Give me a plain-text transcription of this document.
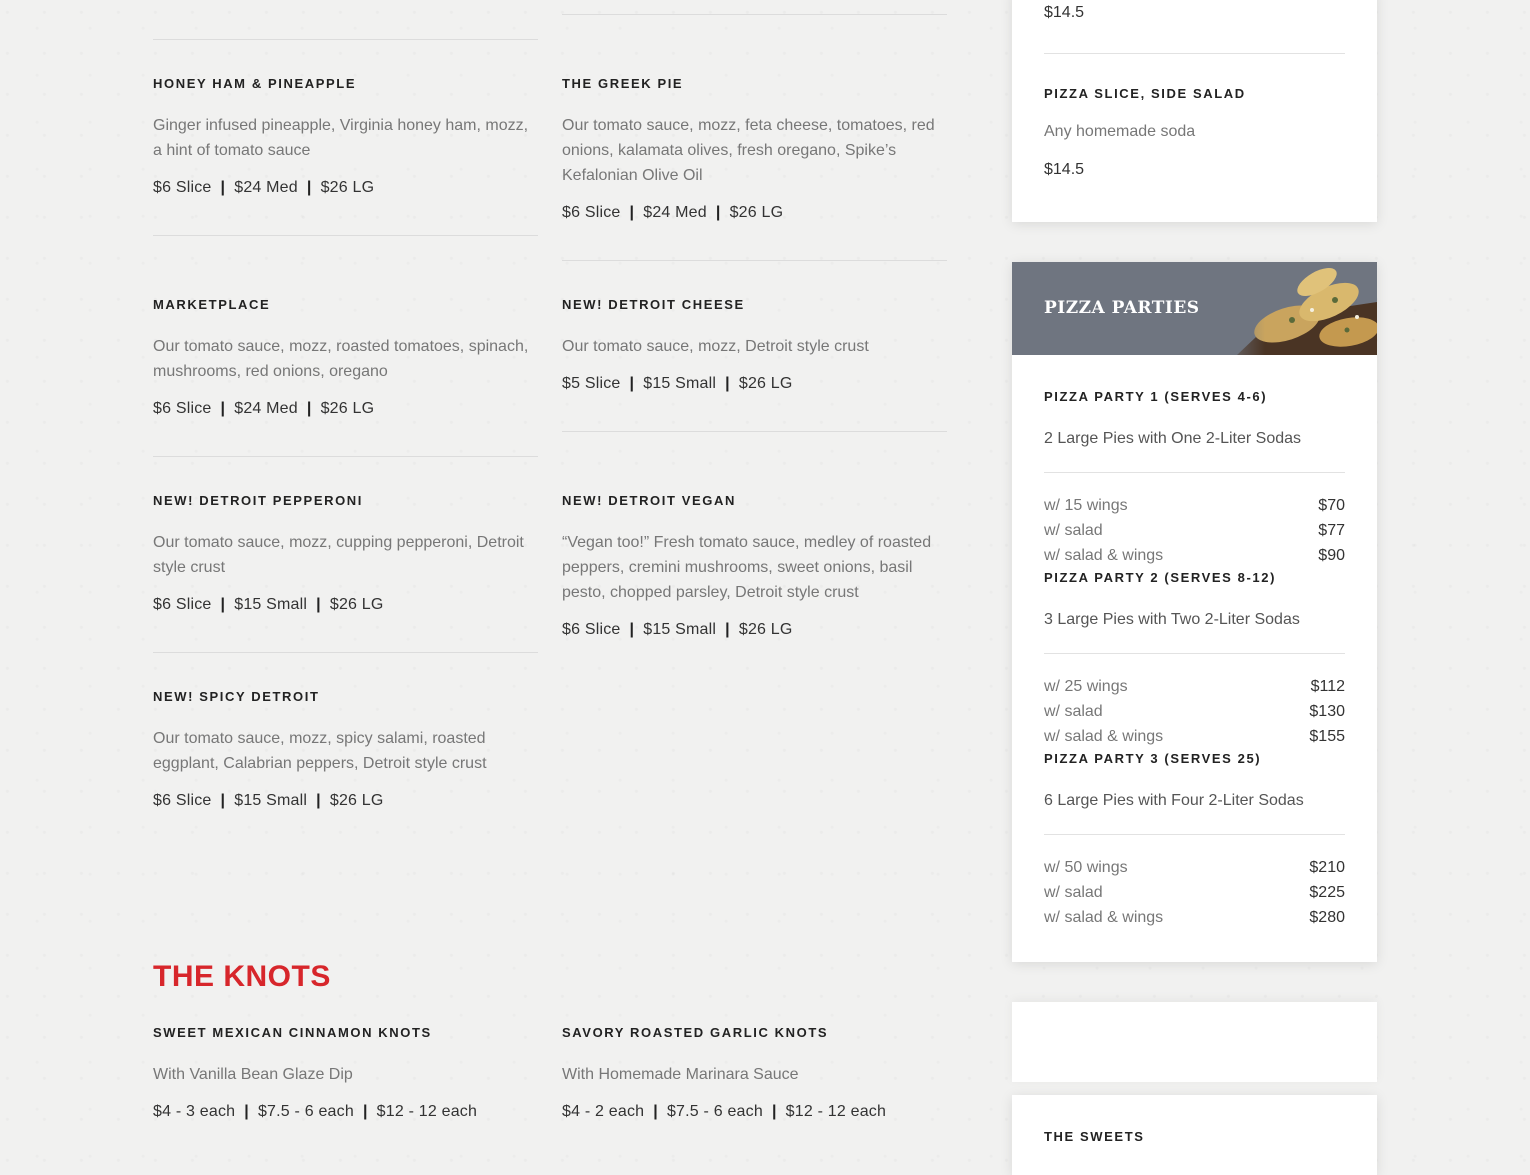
HONEY HAM & PINEAPPLE
Ginger infused pineapple, Virginia honey ham, mozz, a hint of tomato sauce
$6 Slice | $24 Med | $26 LG
MARKETPLACE
Our tomato sauce, mozz, roasted tomatoes, spinach, mushrooms, red onions, oregano
$6 Slice | $24 Med | $26 LG
NEW! DETROIT PEPPERONI
Our tomato sauce, mozz, cupping pepperoni, Detroit style crust
$6 Slice | $15 Small | $26 LG
NEW! SPICY DETROIT
Our tomato sauce, mozz, spicy salami, roasted eggplant, Calabrian peppers, Detroit style crust
$6 Slice | $15 Small | $26 LG
THE GREEK PIE
Our tomato sauce, mozz, feta cheese, tomatoes, red onions, kalamata olives, fresh oregano, Spike’s Kefalonian Olive Oil
$6 Slice | $24 Med | $26 LG
NEW! DETROIT CHEESE
Our tomato sauce, mozz, Detroit style crust
$5 Slice | $15 Small | $26 LG
NEW! DETROIT VEGAN
“Vegan too!” Fresh tomato sauce, medley of roasted peppers, cremini mushrooms, sweet onions, basil pesto, chopped parsley, Detroit style crust
$6 Slice | $15 Small | $26 LG
THE KNOTS
SWEET MEXICAN CINNAMON KNOTS
With Vanilla Bean Glaze Dip
$4 - 3 each | $7.5 - 6 each | $12 - 12 each
SAVORY ROASTED GARLIC KNOTS
With Homemade Marinara Sauce
$4 - 2 each | $7.5 - 6 each | $12 - 12 each
$14.5
PIZZA SLICE, SIDE SALAD
Any homemade soda
$14.5
PIZZA PARTIES
PIZZA PARTY 1 (SERVES 4-6)
2 Large Pies with One 2-Liter Sodas
w/ 15 wings	$70
w/ salad	$77
w/ salad & wings	$90
PIZZA PARTY 2 (SERVES 8-12)
3 Large Pies with Two 2-Liter Sodas
w/ 25 wings	$112
w/ salad	$130
w/ salad & wings	$155
PIZZA PARTY 3 (SERVES 25)
6 Large Pies with Four 2-Liter Sodas
w/ 50 wings	$210
w/ salad	$225
w/ salad & wings	$280
THE SWEETS
